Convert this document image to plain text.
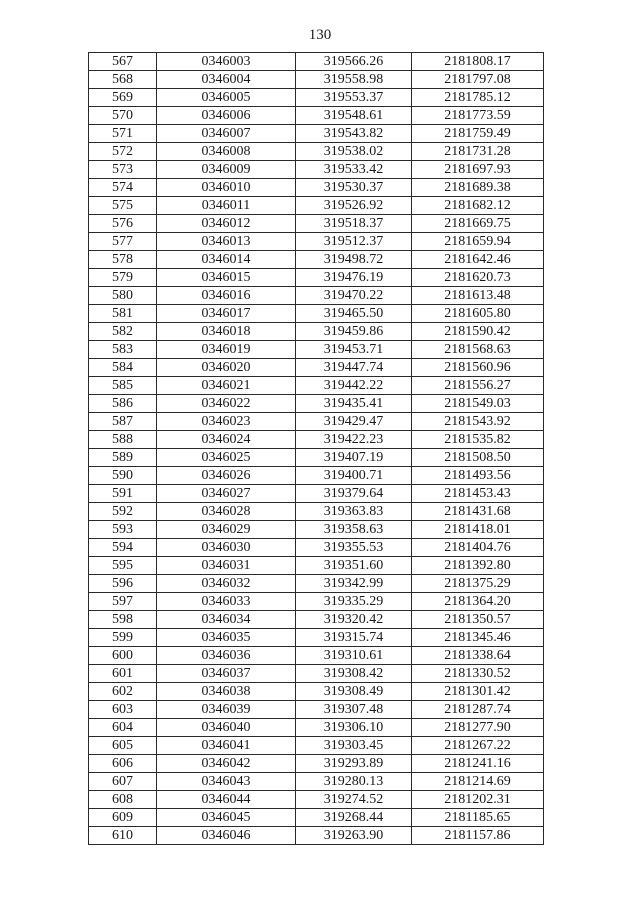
130
567	0346003	319566.26	2181808.17
568	0346004	319558.98	2181797.08
569	0346005	319553.37	2181785.12
570	0346006	319548.61	2181773.59
571	0346007	319543.82	2181759.49
572	0346008	319538.02	2181731.28
573	0346009	319533.42	2181697.93
574	0346010	319530.37	2181689.38
575	0346011	319526.92	2181682.12
576	0346012	319518.37	2181669.75
577	0346013	319512.37	2181659.94
578	0346014	319498.72	2181642.46
579	0346015	319476.19	2181620.73
580	0346016	319470.22	2181613.48
581	0346017	319465.50	2181605.80
582	0346018	319459.86	2181590.42
583	0346019	319453.71	2181568.63
584	0346020	319447.74	2181560.96
585	0346021	319442.22	2181556.27
586	0346022	319435.41	2181549.03
587	0346023	319429.47	2181543.92
588	0346024	319422.23	2181535.82
589	0346025	319407.19	2181508.50
590	0346026	319400.71	2181493.56
591	0346027	319379.64	2181453.43
592	0346028	319363.83	2181431.68
593	0346029	319358.63	2181418.01
594	0346030	319355.53	2181404.76
595	0346031	319351.60	2181392.80
596	0346032	319342.99	2181375.29
597	0346033	319335.29	2181364.20
598	0346034	319320.42	2181350.57
599	0346035	319315.74	2181345.46
600	0346036	319310.61	2181338.64
601	0346037	319308.42	2181330.52
602	0346038	319308.49	2181301.42
603	0346039	319307.48	2181287.74
604	0346040	319306.10	2181277.90
605	0346041	319303.45	2181267.22
606	0346042	319293.89	2181241.16
607	0346043	319280.13	2181214.69
608	0346044	319274.52	2181202.31
609	0346045	319268.44	2181185.65
610	0346046	319263.90	2181157.86
